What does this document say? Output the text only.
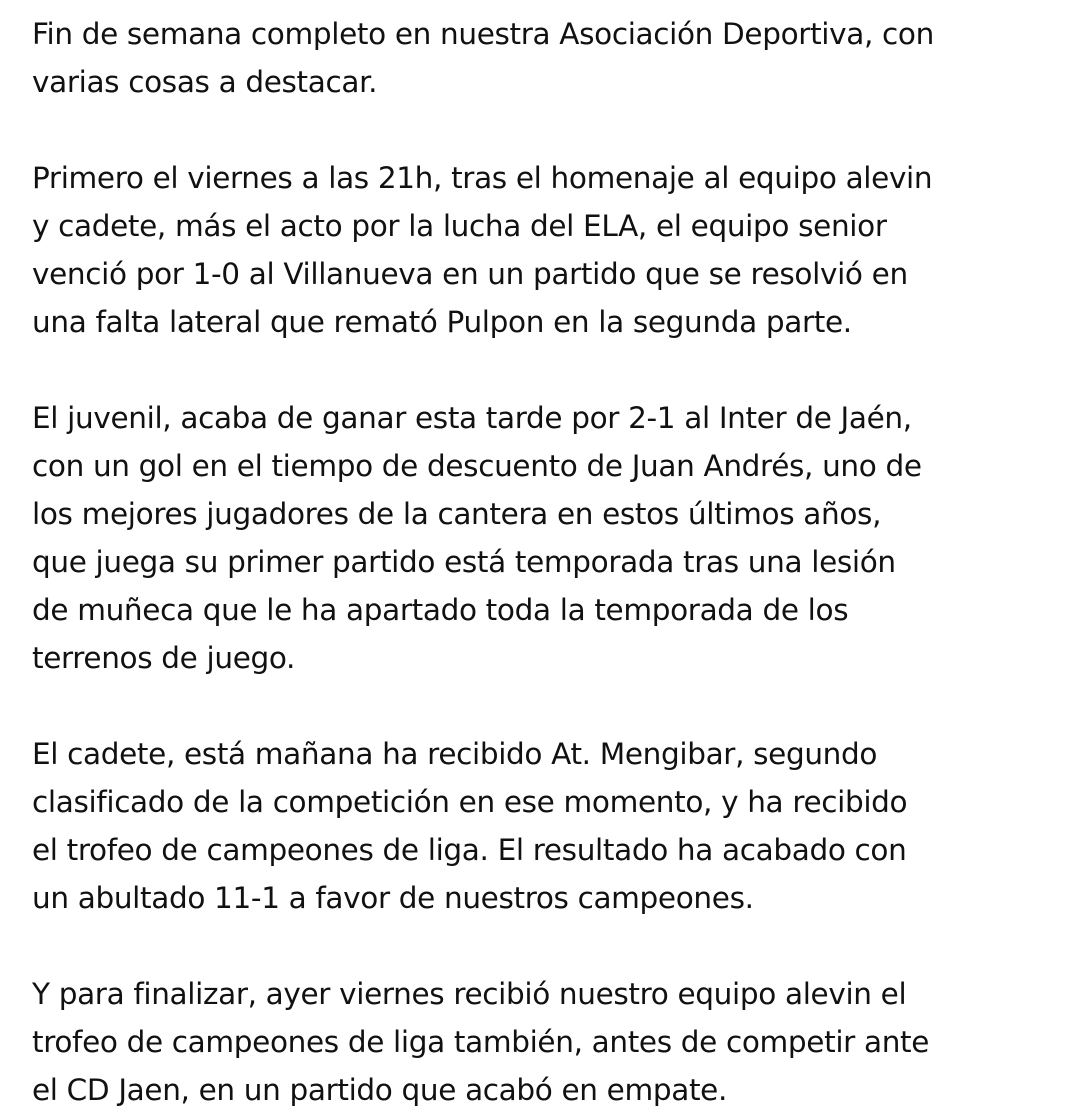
Fin de semana completo en nuestra Asociación Deportiva, con
varias cosas a destacar.
Primero el viernes a las 21h, tras el homenaje al equipo alevin
y cadete, más el acto por la lucha del ELA, el equipo senior
venció por 1-0 al Villanueva en un partido que se resolvió en
una falta lateral que remató Pulpon en la segunda parte.
El juvenil, acaba de ganar esta tarde por 2-1 al Inter de Jaén,
con un gol en el tiempo de descuento de Juan Andrés, uno de
los mejores jugadores de la cantera en estos últimos años,
que juega su primer partido está temporada tras una lesión
de muñeca que le ha apartado toda la temporada de los
terrenos de juego.
El cadete, está mañana ha recibido At. Mengibar, segundo
clasificado de la competición en ese momento, y ha recibido
el trofeo de campeones de liga. El resultado ha acabado con
un abultado 11-1 a favor de nuestros campeones.
Y para finalizar, ayer viernes recibió nuestro equipo alevin el
trofeo de campeones de liga también, antes de competir ante
el CD Jaen, en un partido que acabó en empate.
